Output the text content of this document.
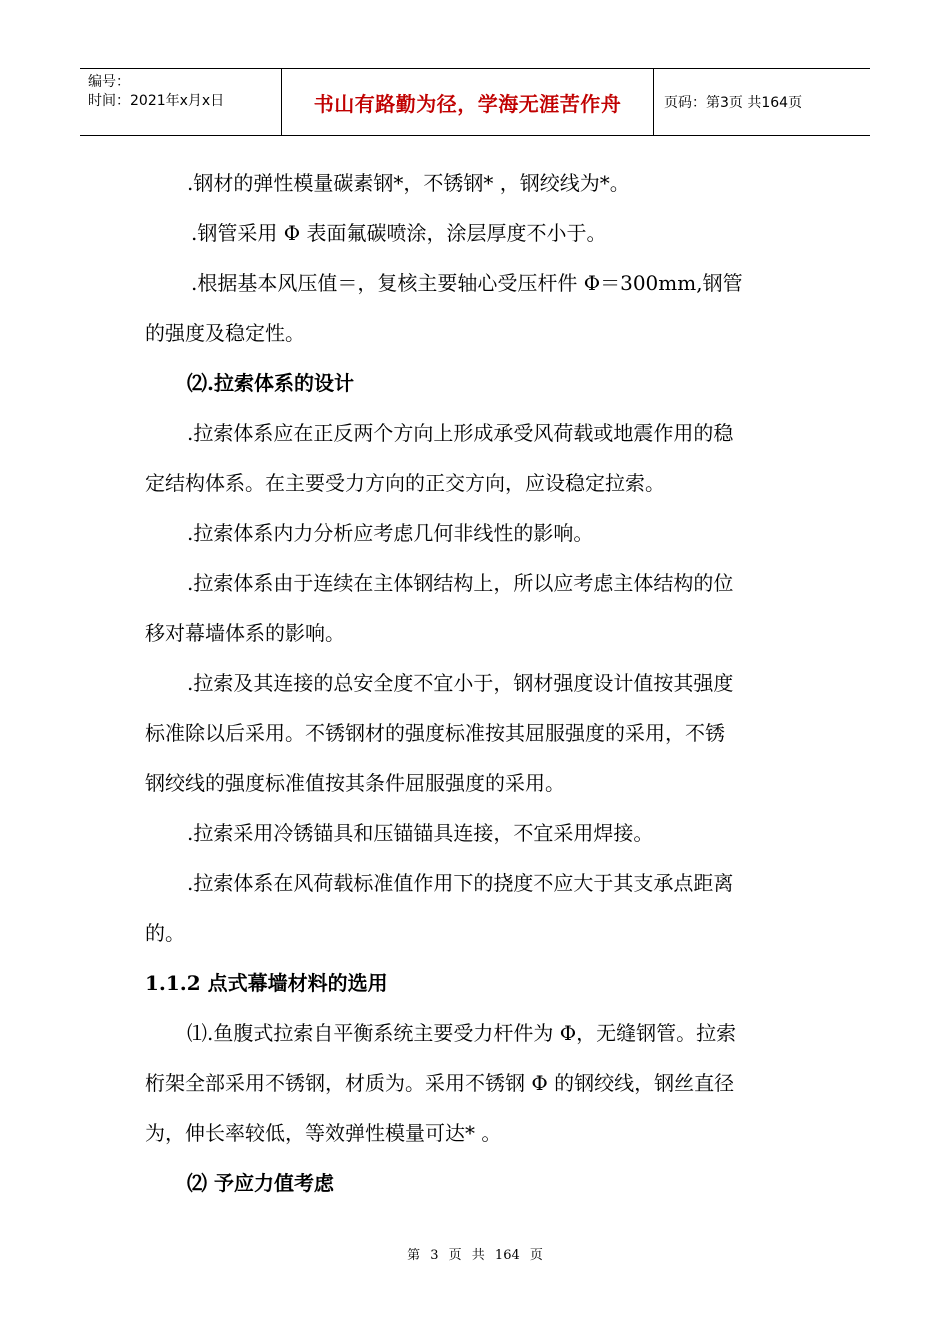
编号：
时间：2021年x月x日	书山有路勤为径，学海无涯苦作舟	页码：第3页 共164页
.钢材的弹性模量碳素钢*，不锈钢* ，钢绞线为*。
.钢管采用 Φ 表面氟碳喷涂，涂层厚度不小于。
.根据基本风压值＝，复核主要轴心受压杆件 Φ＝300mm,钢管
的强度及稳定性。
⑵.拉索体系的设计
.拉索体系应在正反两个方向上形成承受风荷载或地震作用的稳
定结构体系。在主要受力方向的正交方向，应设稳定拉索。
.拉索体系内力分析应考虑几何非线性的影响。
.拉索体系由于连续在主体钢结构上，所以应考虑主体结构的位
移对幕墙体系的影响。
.拉索及其连接的总安全度不宜小于，钢材强度设计值按其强度
标准除以后采用。不锈钢材的强度标准按其屈服强度的采用，不锈
钢绞线的强度标准值按其条件屈服强度的采用。
.拉索采用冷锈锚具和压锚锚具连接，不宜采用焊接。
.拉索体系在风荷载标准值作用下的挠度不应大于其支承点距离
的。
1.1.2 点式幕墙材料的选用
⑴.鱼腹式拉索自平衡系统主要受力杆件为 Φ，无缝钢管。拉索
桁架全部采用不锈钢，材质为。采用不锈钢 Φ 的钢绞线，钢丝直径
为，伸长率较低，等效弹性模量可达* 。
⑵ 予应力值考虑
第 3 页 共 164 页
